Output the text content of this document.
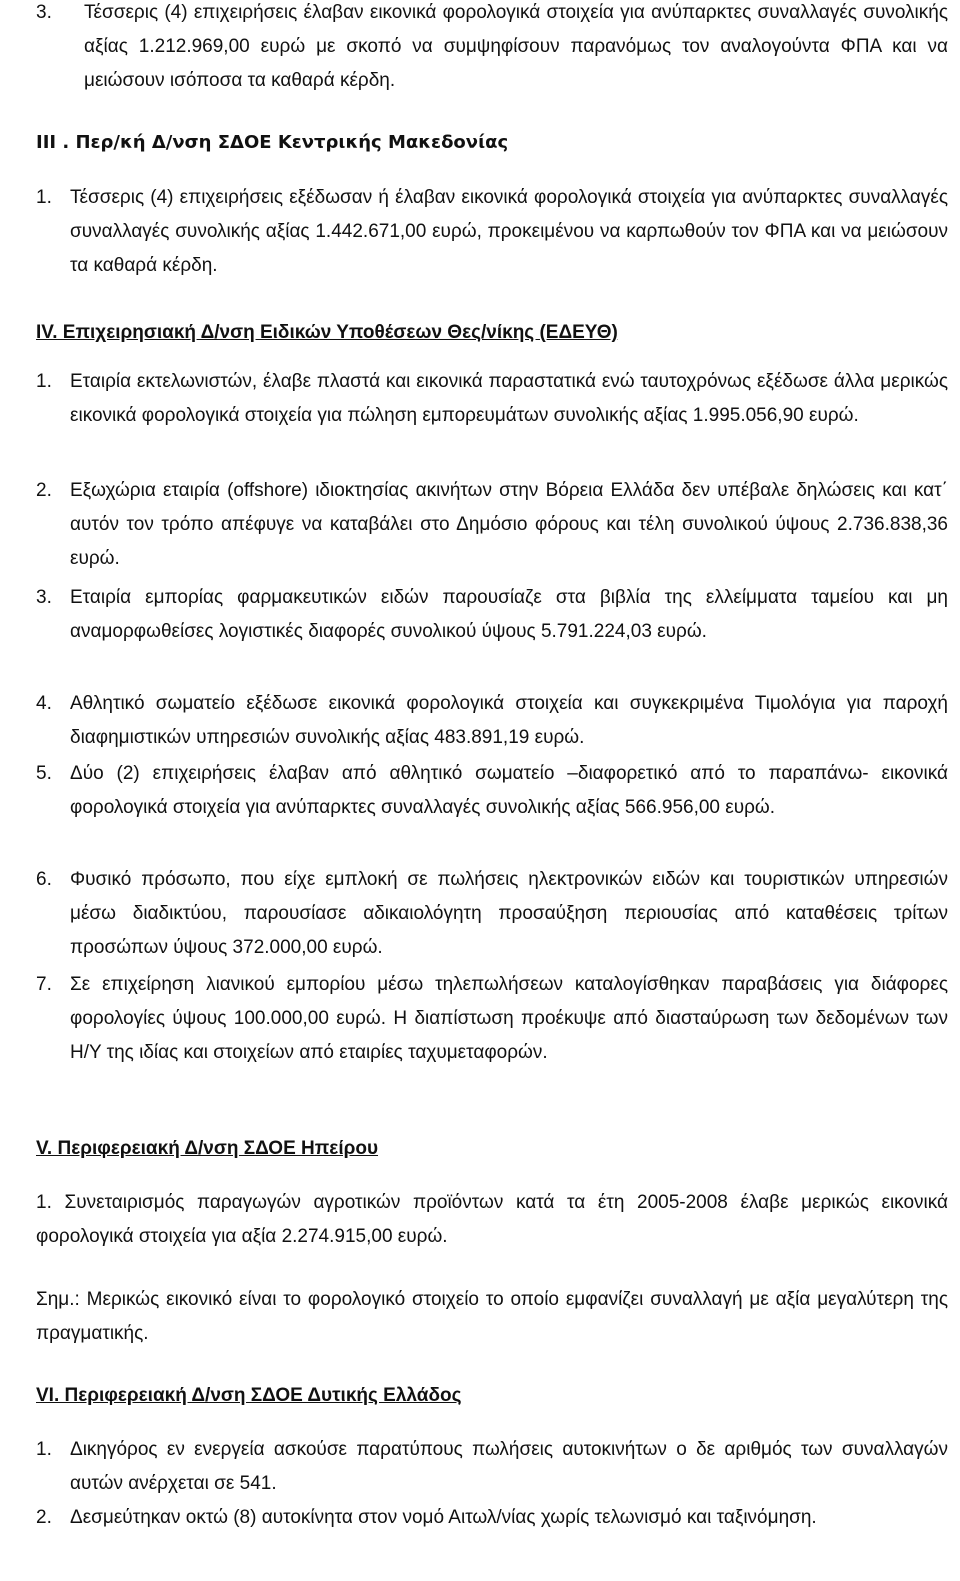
3. Τέσσερις (4) επιχειρήσεις έλαβαν εικονικά φορολογικά στοιχεία για ανύπαρκτες συναλλαγές συνολικής αξίας 1.212.969,00 ευρώ με σκοπό να συμψηφίσουν παρανόμως τον αναλογούντα ΦΠΑ και να μειώσουν ισόποσα τα καθαρά κέρδη.
ΙΙΙ . Περ/κή Δ/νση ΣΔΟΕ Κεντρικής Μακεδονίας
1. Τέσσερις (4) επιχειρήσεις εξέδωσαν ή έλαβαν εικονικά φορολογικά στοιχεία για ανύπαρκτες συναλλαγές συναλλαγές συνολικής αξίας 1.442.671,00 ευρώ, προκειμένου να καρπωθούν τον ΦΠΑ και να μειώσουν τα καθαρά κέρδη.
IV. Επιχειρησιακή Δ/νση Ειδικών Υποθέσεων Θες/νίκης (ΕΔΕΥΘ)
1. Εταιρία εκτελωνιστών, έλαβε πλαστά και εικονικά παραστατικά ενώ ταυτοχρόνως εξέδωσε άλλα μερικώς εικονικά φορολογικά στοιχεία για πώληση εμπορευμάτων συνολικής αξίας 1.995.056,90 ευρώ.
2. Εξωχώρια εταιρία (offshore) ιδιοκτησίας ακινήτων στην Βόρεια Ελλάδα δεν υπέβαλε δηλώσεις και κατ΄ αυτόν τον τρόπο απέφυγε να καταβάλει στο Δημόσιο φόρους και τέλη συνολικού ύψους 2.736.838,36 ευρώ.
3. Εταιρία εμπορίας φαρμακευτικών ειδών παρουσίαζε στα βιβλία της ελλείμματα ταμείου και μη αναμορφωθείσες λογιστικές διαφορές συνολικού ύψους 5.791.224,03 ευρώ.
4. Αθλητικό σωματείο εξέδωσε εικονικά φορολογικά στοιχεία και συγκεκριμένα Τιμολόγια για παροχή διαφημιστικών υπηρεσιών συνολικής αξίας 483.891,19 ευρώ.
5. Δύο (2) επιχειρήσεις έλαβαν από αθλητικό σωματείο –διαφορετικό από το παραπάνω- εικονικά φορολογικά στοιχεία για ανύπαρκτες συναλλαγές συνολικής αξίας 566.956,00 ευρώ.
6. Φυσικό πρόσωπο, που είχε εμπλοκή σε πωλήσεις ηλεκτρονικών ειδών και τουριστικών υπηρεσιών μέσω διαδικτύου, παρουσίασε αδικαιολόγητη προσαύξηση περιουσίας από καταθέσεις τρίτων προσώπων ύψους 372.000,00 ευρώ.
7. Σε επιχείρηση λιανικού εμπορίου μέσω τηλεπωλήσεων καταλογίσθηκαν παραβάσεις για διάφορες φορολογίες ύψους 100.000,00 ευρώ. Η διαπίστωση προέκυψε από διασταύρωση των δεδομένων των Η/Υ της ιδίας και στοιχείων από εταιρίες ταχυμεταφορών.
V. Περιφερειακή Δ/νση ΣΔΟΕ Ηπείρου
1. Συνεταιρισμός παραγωγών αγροτικών προϊόντων κατά τα έτη 2005-2008 έλαβε μερικώς εικονικά φορολογικά στοιχεία για αξία 2.274.915,00 ευρώ.
Σημ.: Μερικώς εικονικό είναι το φορολογικό στοιχείο το οποίο εμφανίζει συναλλαγή με αξία μεγαλύτερη της πραγματικής.
VI. Περιφερειακή Δ/νση ΣΔΟΕ Δυτικής Ελλάδος
1. Δικηγόρος εν ενεργεία ασκούσε παρατύπους πωλήσεις αυτοκινήτων ο δε αριθμός των συναλλαγών αυτών ανέρχεται σε 541.
2. Δεσμεύτηκαν οκτώ (8) αυτοκίνητα στον νομό Αιτωλ/νίας χωρίς τελωνισμό και ταξινόμηση.
